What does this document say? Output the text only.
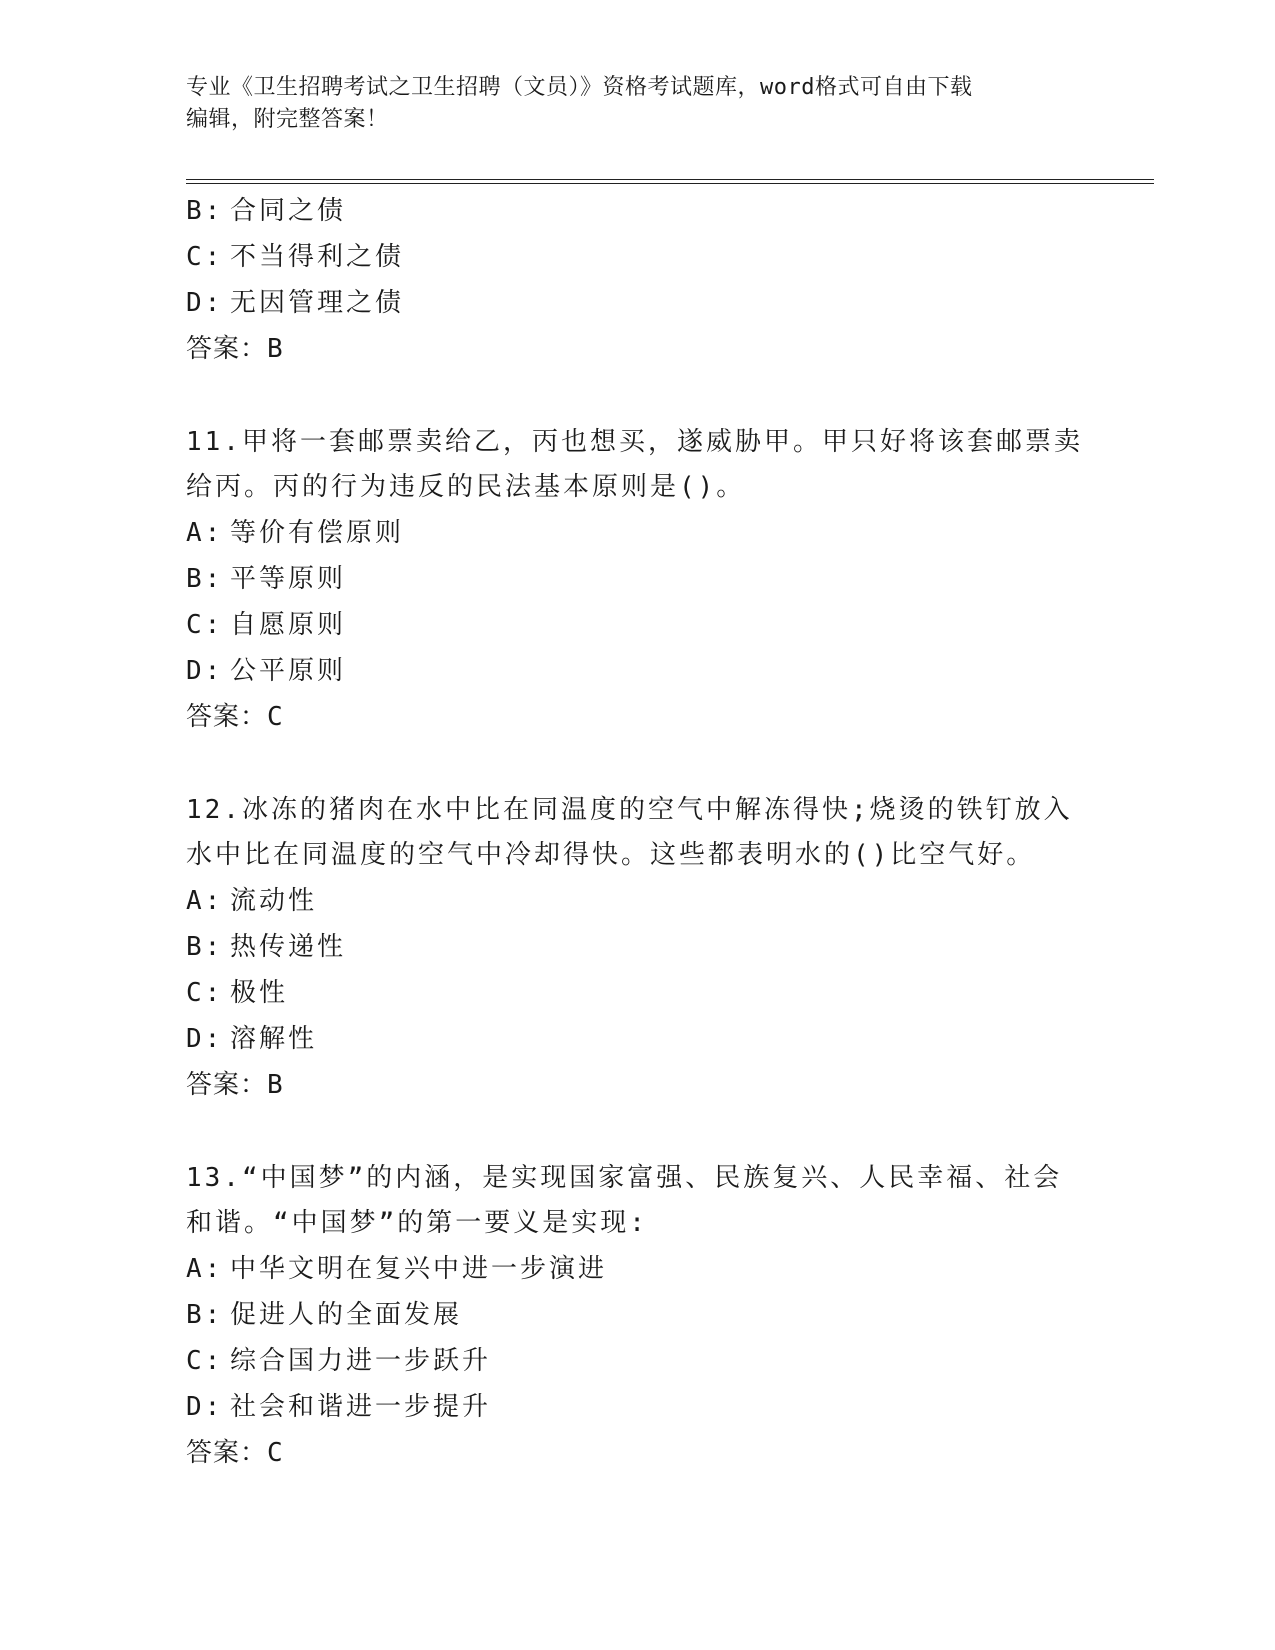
专业《卫生招聘考试之卫生招聘（文员）》资格考试题库，word格式可自由下载
编辑，附完整答案！
B: 合同之债
C: 不当得利之债
D: 无因管理之债
答案：B
11.甲将一套邮票卖给乙，丙也想买，遂威胁甲。甲只好将该套邮票卖
给丙。丙的行为违反的民法基本原则是()。
A: 等价有偿原则
B: 平等原则
C: 自愿原则
D: 公平原则
答案：C
12.冰冻的猪肉在水中比在同温度的空气中解冻得快;烧烫的铁钉放入
水中比在同温度的空气中冷却得快。这些都表明水的()比空气好。
A: 流动性
B: 热传递性
C: 极性
D: 溶解性
答案：B
13.“中国梦”的内涵，是实现国家富强、民族复兴、人民幸福、社会
和谐。“中国梦”的第一要义是实现:
A: 中华文明在复兴中进一步演进
B: 促进人的全面发展
C: 综合国力进一步跃升
D: 社会和谐进一步提升
答案：C
